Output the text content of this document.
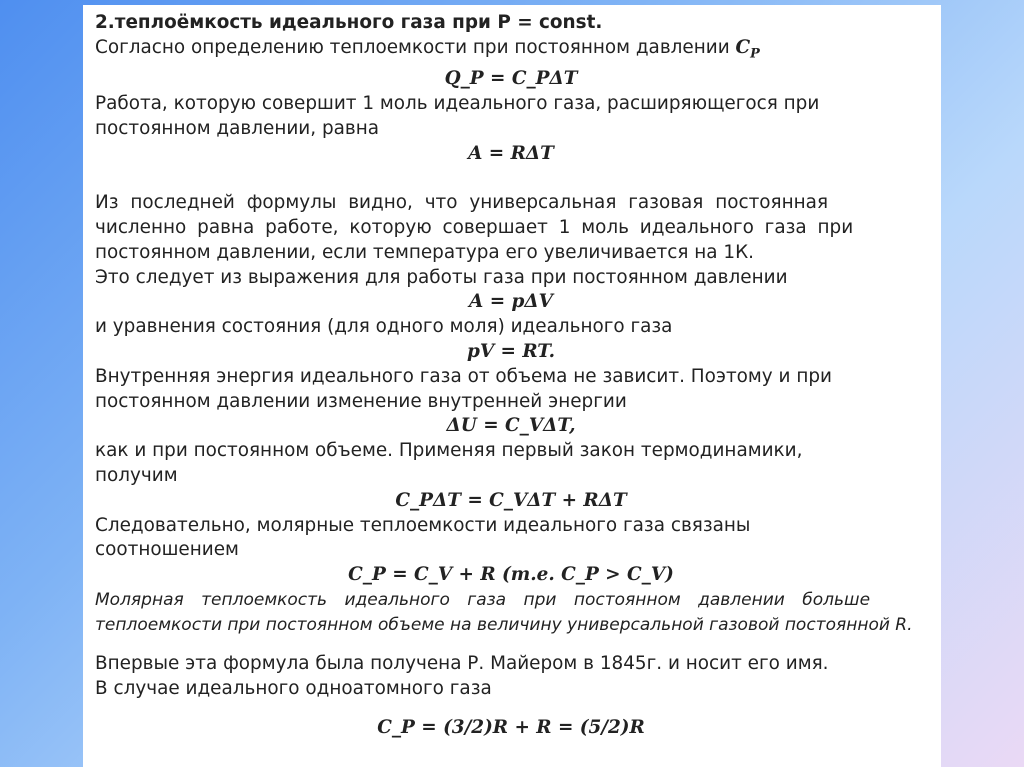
2.теплоёмкость идеального газа при P = const.
Согласно определению теплоемкости при постоянном давлении $C_P$
Q_P = C_PΔT
Работа, которую совершит 1 моль идеального газа, расширяющегося при
постоянном давлении, равна
A = RΔT
Из последней формулы видно, что универсальная газовая постоянная
численно равна работе, которую совершает 1 моль идеального газа при
постоянном давлении, если температура его увеличивается на 1К.
Это следует из выражения для работы газа при постоянном давлении
A = pΔV
и уравнения состояния (для одного моля) идеального газа
pV = RT.
Внутренняя энергия идеального газа от объема не зависит. Поэтому и при
постоянном давлении изменение внутренней энергии
ΔU = C_VΔT,
как и при постоянном объеме. Применяя первый закон термодинамики,
получим
C_PΔT = C_VΔT + RΔT
Следовательно, молярные теплоемкости идеального газа связаны
соотношением
C_P = C_V + R (т.е. C_P > C_V)
Молярная теплоемкость идеального газа при постоянном давлении больше
теплоемкости при постоянном объеме на величину универсальной газовой постоянной R.
Впервые эта формула была получена Р. Майером в 1845г. и носит его имя.
В случае идеального одноатомного газа
C_P = (3/2)R + R = (5/2)R
